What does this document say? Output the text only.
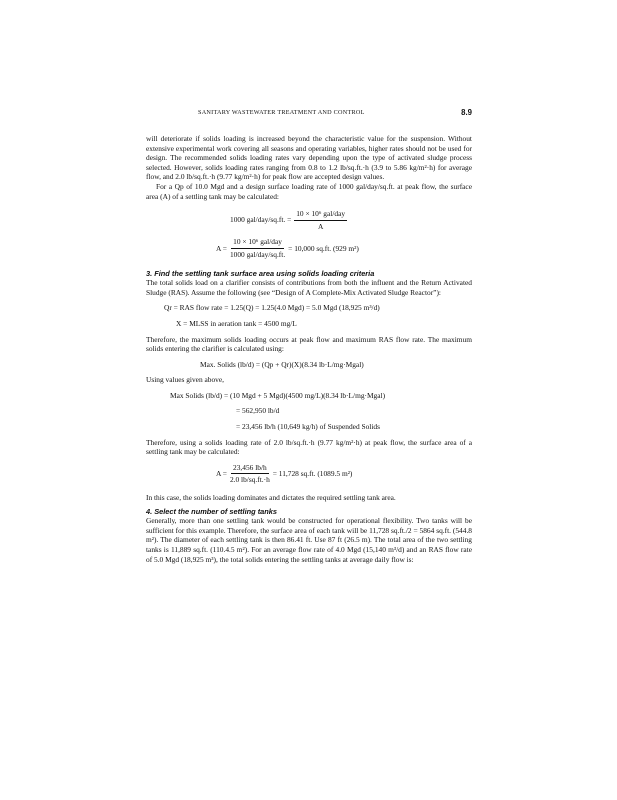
SANITARY WASTEWATER TREATMENT AND CONTROL	8.9

will deteriorate if solids loading is increased beyond the characteristic value for the suspension. Without extensive experimental work covering all seasons and operating variables, higher rates should not be used for design. The recommended solids loading rates vary depending upon the type of activated sludge process selected. However, solids loading rates ranging from 0.8 to 1.2 lb/sq.ft.·h (3.9 to 5.86 kg/m²·h) for average flow, and 2.0 lb/sq.ft.·h (9.77 kg/m²·h) for peak flow are accepted design values.

For a Qp of 10.0 Mgd and a design surface loading rate of 1000 gal/day/sq.ft. at peak flow, the surface area (A) of a settling tank may be calculated:

1000 gal/day/sq.ft. = $\frac{\text{10 × 10⁶ gal/day}}{A}$
$A = \frac{\text{10 × 10⁶ gal/day}}{\text{1000 gal/day/sq.ft.}} = 10,000$ sq.ft. (929 m²)
3. Find the settling tank surface area using solids loading criteria

The total solids load on a clarifier consists of contributions from both the influent and the Return Activated Sludge (RAS). Assume the following (see “Design of A Complete-Mix Activated Sludge Reactor”):

Qr = RAS flow rate = 1.25(Q) = 1.25(4.0 Mgd) = 5.0 Mgd (18,925 m³/d)
X = MLSS in aeration tank = 4500 mg/L

Therefore, the maximum solids loading occurs at peak flow and maximum RAS flow rate. The maximum solids entering the clarifier is calculated using:

Max. Solids (lb/d) = (Qp + Qr)(X)(8.34 lb·L/mg·Mgal)
Using values given above,
Max Solids (lb/d) = (10 Mgd + 5 Mgd)(4500 mg/L)(8.34 lb·L/mg·Mgal)
= 562,950 lb/d
= 23,456 lb/h (10,649 kg/h) of Suspended Solids

Therefore, using a solids loading rate of 2.0 lb/sq.ft.·h (9.77 kg/m²·h) at peak flow, the surface area of a settling tank may be calculated:

$A = \frac{23,456 lb/h}{2.0 lb/sq.ft.\cdot h} = 11,728$ sq.ft. (1089.5 m²)

In this case, the solids loading dominates and dictates the required settling tank area.

4. Select the number of settling tanks

Generally, more than one settling tank would be constructed for operational flexibility. Two tanks will be sufficient for this example. Therefore, the surface area of each tank will be 11,728 sq.ft./2 = 5864 sq.ft. (544.8 m²). The diameter of each settling tank is then 86.41 ft. Use 87 ft (26.5 m). The total area of the two settling tanks is 11,889 sq.ft. (110.4.5 m²). For an average flow rate of 4.0 Mgd (15,140 m³/d) and an RAS flow rate of 5.0 Mgd (18,925 m³), the total solids entering the settling tanks at average daily flow is:
